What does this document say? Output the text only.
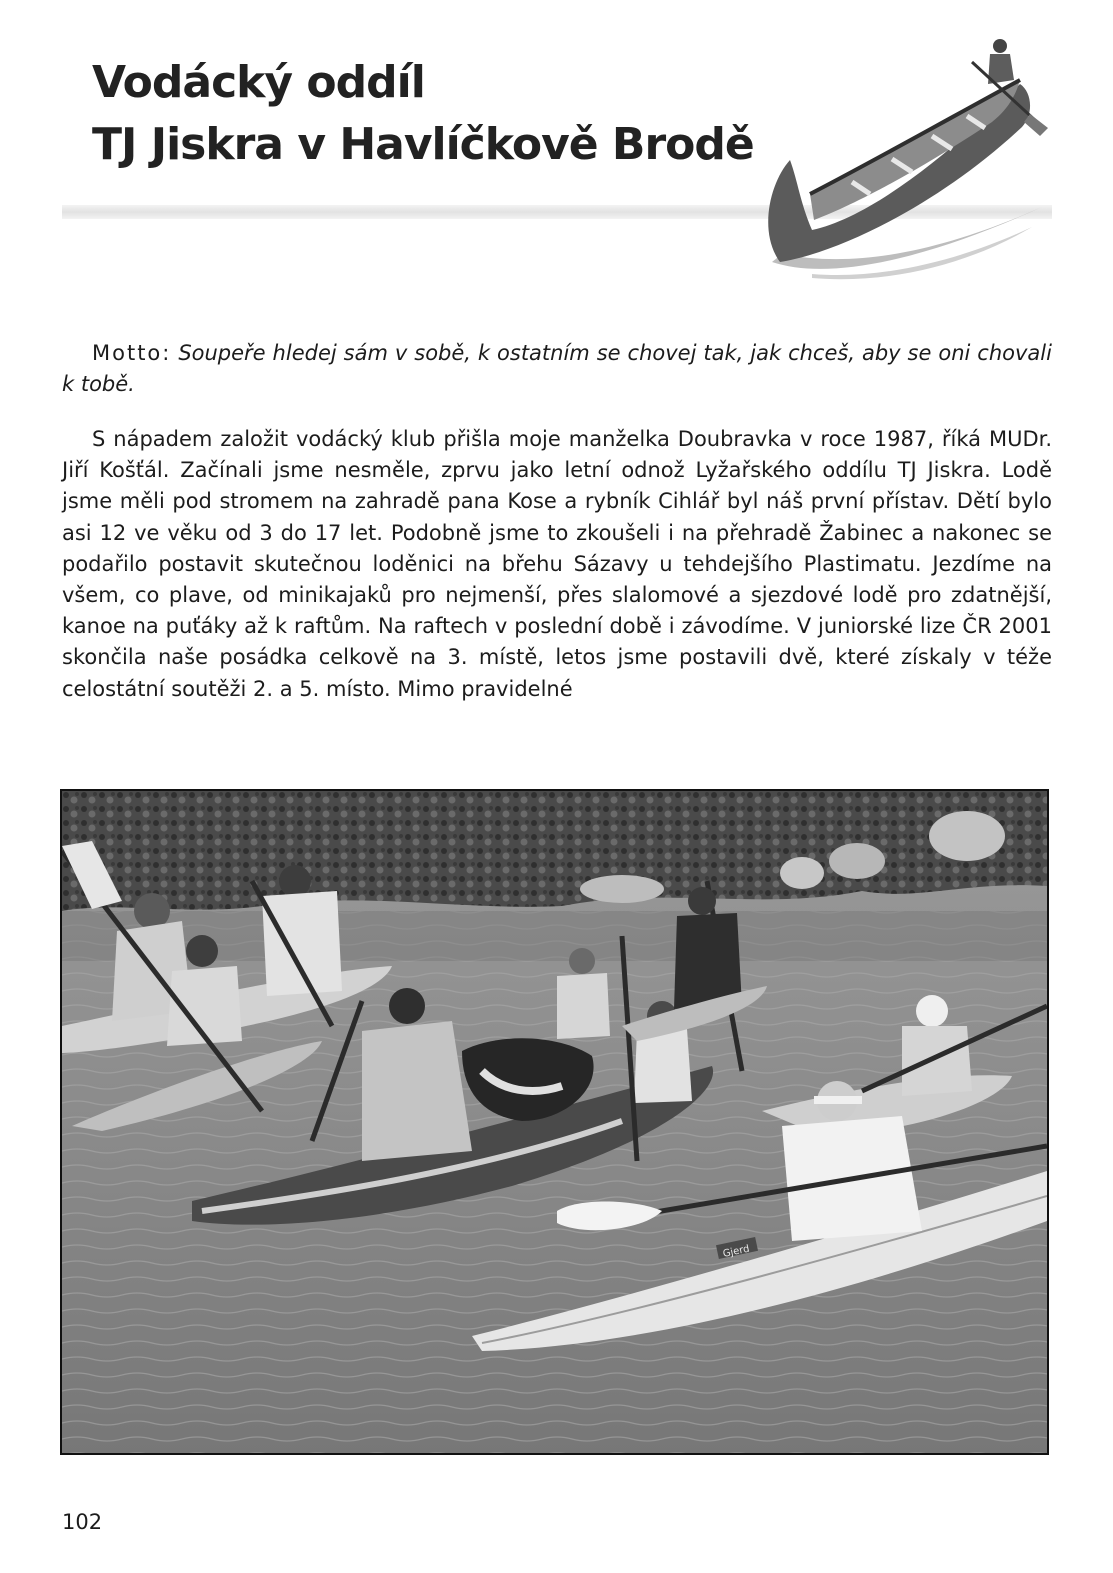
Vodácký oddíl
TJ Jiskra v Havlíčkově Brodě

Motto: Soupeře hledej sám v sobě, k ostatním se chovej tak, jak chceš, aby se oni chovali k tobě.

S nápadem založit vodácký klub přišla moje manželka Doubravka v roce 1987, říká MUDr. Jiří Košťál. Začínali jsme nesměle, zprvu jako letní odnož Lyžařského oddílu TJ Jiskra. Lodě jsme měli pod stromem na zahradě pana Kose a rybník Cihlář byl náš první přístav. Dětí bylo asi 12 ve věku od 3 do 17 let. Podobně jsme to zkoušeli i na přehradě Žabinec a nakonec se podařilo postavit skutečnou loděnici na břehu Sázavy u tehdejšího Plastimatu. Jezdíme na všem, co plave, od minikajaků pro nejmenší, přes slalomové a sjezdové lodě pro zdatnější, kanoe na puťáky až k raftům. Na raftech v poslední době i závodíme. V juniorské lize ČR 2001 skončila naše posádka celkově na 3. místě, letos jsme postavili dvě, které získaly v téže celostátní soutěži 2. a 5. místo. Mimo pravidelné

Gjerd

102
